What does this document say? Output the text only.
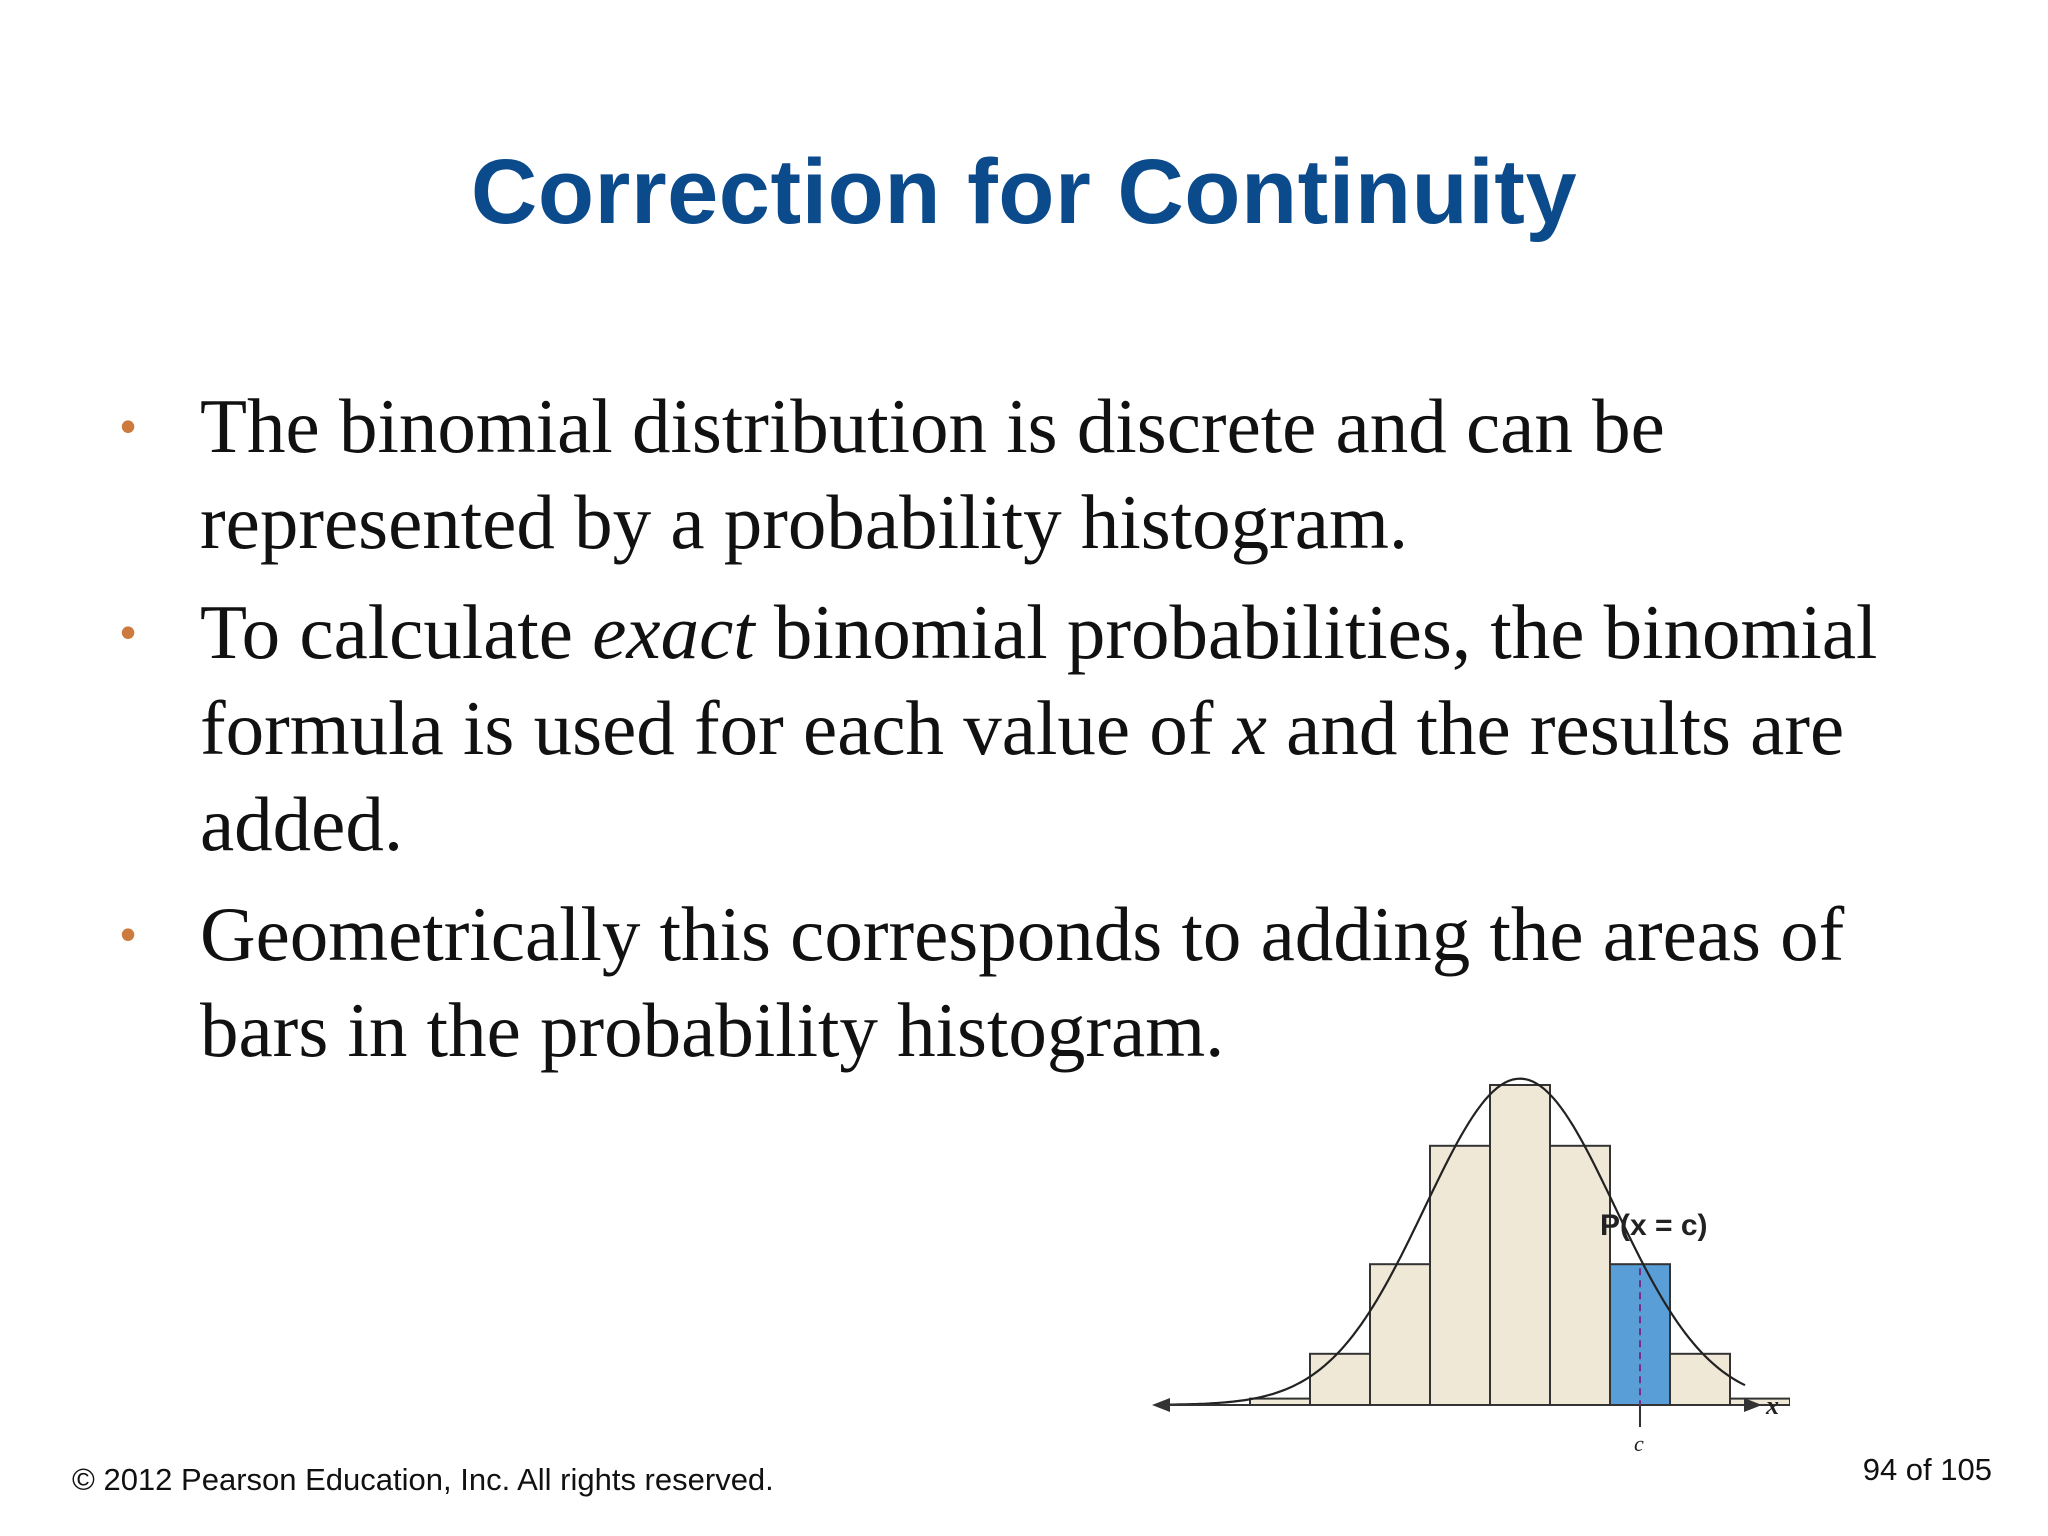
Correction for Continuity
• The binomial distribution is discrete and can be represented by a probability histogram.
• To calculate exact binomial probabilities, the binomial formula is used for each value of x and the results are added.
• Geometrically this corresponds to adding the areas of bars in the probability histogram.
P(x = c)
x
c
© 2012 Pearson Education, Inc. All rights reserved.	94 of 105
